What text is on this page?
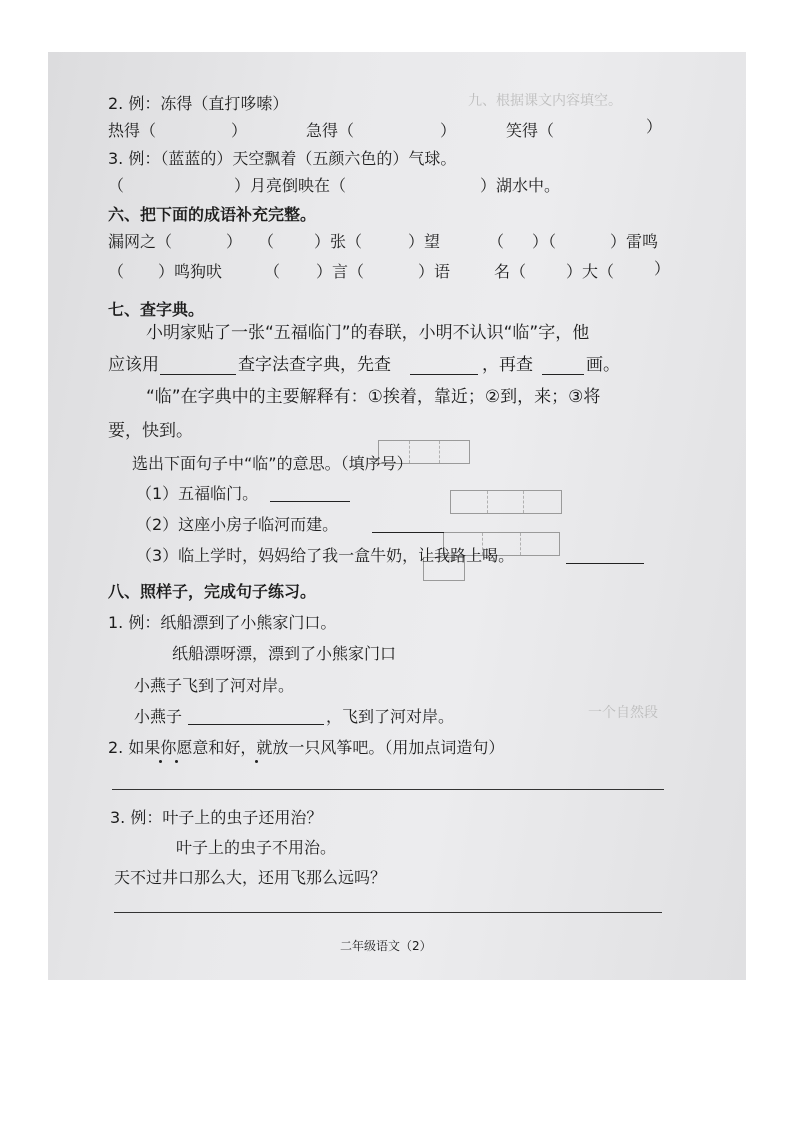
九、根据课文内容填空。
一个自然段
2. 例：冻得（直打哆嗦）
热得（	）	急得（	）	笑得（	）
3. 例：（蓝蓝的）天空飘着（五颜六色的）气球。
（	）月亮倒映在（	）湖水中。
六、把下面的成语补充完整。
漏网之（	） （ ）张（	）望	（ ）（	）雷鸣
（ ）鸣狗吠	（ ）言（	）语	名（ ）大（ ）
七、查字典。
小明家贴了一张“五福临门”的春联，小明不认识“临”字，他
应该用	查字法查字典，先查	，再查	画。
“临”在字典中的主要解释有：①挨着，靠近；②到，来；③将
要，快到。
选出下面句子中“临”的意思。（填序号）
（1）五福临门。
（2）这座小房子临河而建。
（3）临上学时，妈妈给了我一盒牛奶，让我路上喝。
八、照样子，完成句子练习。
1. 例：纸船漂到了小熊家门口。
纸船漂呀漂，漂到了小熊家门口
小燕子飞到了河对岸。
小燕子	，飞到了河对岸。
2. 如果你愿意和好，就放一只风筝吧。（用加点词造句）
3. 例：叶子上的虫子还用治？
叶子上的虫子不用治。
天不过井口那么大，还用飞那么远吗？
二年级语文（2）
